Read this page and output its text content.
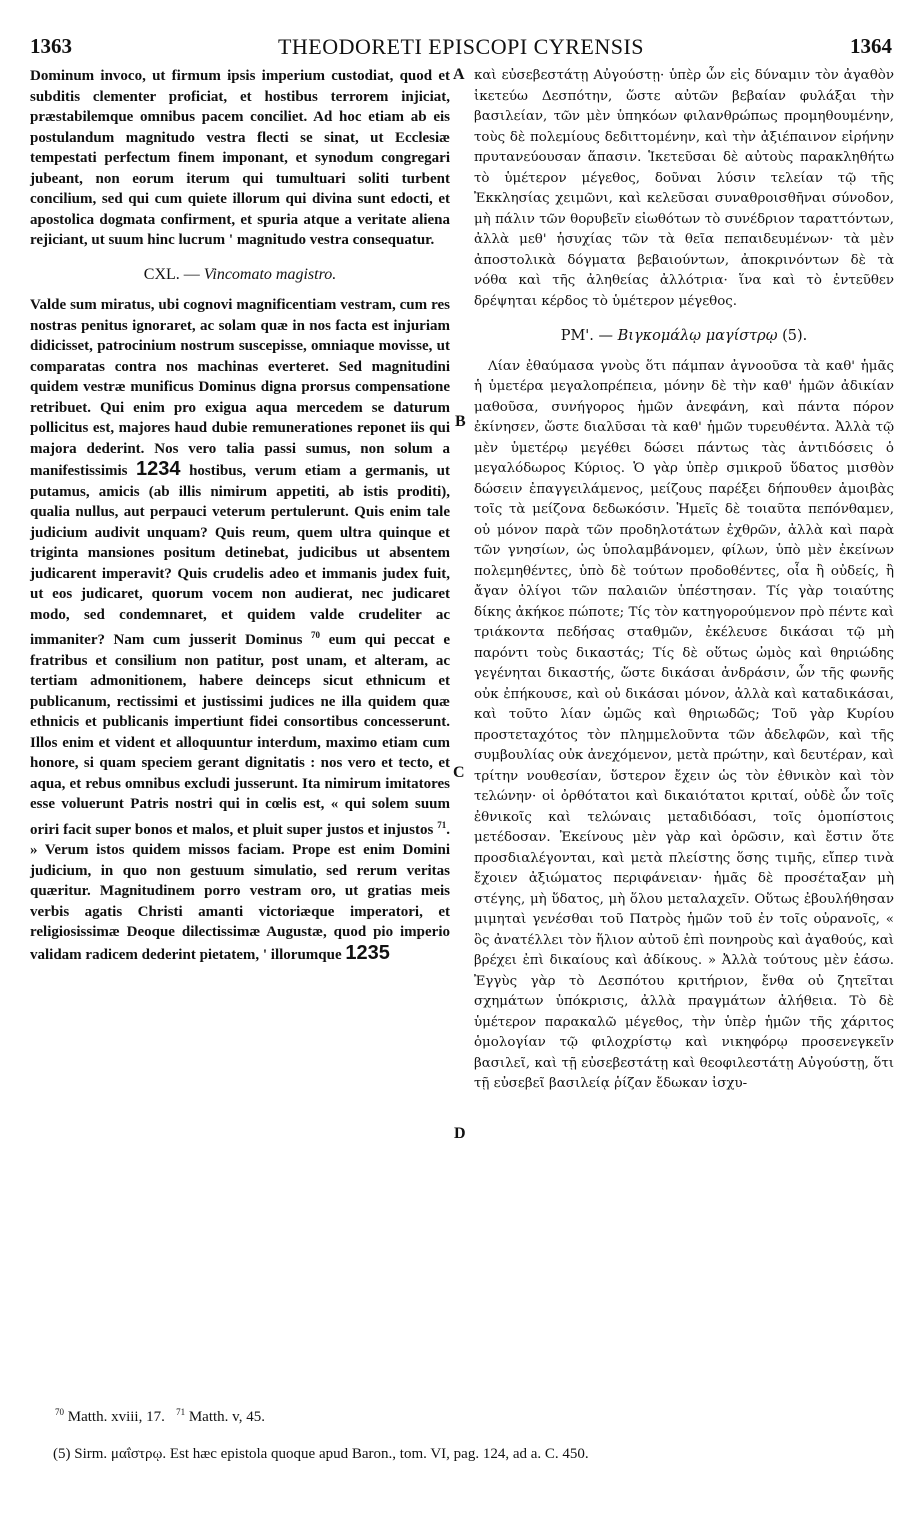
1363	THEODORETI EPISCOPI CYRENSIS	1364

Dominum invoco, ut firmum ipsis imperium custodiat, quod et subditis clementer proficiat, et hostibus terrorem injiciat, præstabilemque omnibus pacem conciliet. Ad hoc etiam ab eis postulandum magnitudo vestra flecti se sinat, ut Ecclesiæ tempestati perfectum finem imponant, et synodum congregari jubeant, non eorum iterum qui tumultuari soliti turbent concilium, sed qui cum quiete illorum qui divina sunt edocti, et apostolica dogmata confirment, et spuria atque a veritate aliena rejiciant, ut suum hinc lucrum ' magnitudo vestra consequatur.

CXL. — Vincomato magistro.

Valde sum miratus, ubi cognovi magnificentiam vestram, cum res nostras penitus ignoraret, ac solam quæ in nos facta est injuriam didicisset, patrocinium nostrum suscepisse, omniaque movisse, ut comparatas contra nos machinas everteret. Sed magnitudini quidem vestræ munificus Dominus digna prorsus compensatione retribuet. Qui enim pro exigua aqua mercedem se daturum pollicitus est, majores haud dubie remunerationes reponet iis qui majora dederint. Nos vero talia passi sumus, non solum a manifestissimis 1234 hostibus, verum etiam a germanis, ut putamus, amicis (ab illis nimirum appetiti, ab istis proditi), qualia nullus, aut perpauci veterum pertulerunt. Quis enim tale judicium audivit unquam? Quis reum, quem ultra quinque et triginta mansiones positum detinebat, judicibus ut absentem judicarent imperavit? Quis crudelis adeo et immanis judex fuit, ut eos judicaret, quorum vocem non audierat, nec judicaret modo, sed condemnaret, et quidem valde crudeliter ac immaniter? Nam cum jusserit Dominus $^{70}$ eum qui peccat e fratribus et consilium non patitur, post unam, et alteram, ac tertiam admonitionem, habere deinceps sicut ethnicum et publicanum, rectissimi et justissimi judices ne illa quidem quæ ethnicis et publicanis impertiunt fidei consortibus concesserunt. Illos enim et vident et alloquuntur interdum, maximo etiam cum honore, si quam speciem gerant dignitatis : nos vero et tecto, et aqua, et rebus omnibus excludi jusserunt. Ita nimirum imitatores esse voluerunt Patris nostri qui in cœlis est, « qui solem suum oriri facit super bonos et malos, et pluit super justos et injustos $^{71}$. » Verum istos quidem missos faciam. Prope est enim Domini judicium, in quo non gestuum simulatio, sed rerum veritas quæritur. Magnitudinem porro vestram oro, ut gratias meis verbis agatis Christi amanti victoriæque imperatori, et religiosissimæ Deoque dilectissimæ Augustæ, quod pio imperio validam radicem dederint pietatem, ' illorumque 1235

A
B
C
D

καὶ εὐσεβεστάτῃ Αὐγούστῃ· ὑπὲρ ὧν εἰς δύναμιν τὸν ἀγαθὸν ἱκετεύω Δεσπότην, ὥστε αὐτῶν βεβαίαν φυλάξαι τὴν βασιλείαν, τῶν μὲν ὑπηκόων φιλανθρώπως προμηθουμένην, τοὺς δὲ πολεμίους δεδιττομένην, καὶ τὴν ἀξιέπαινον εἰρήνην πρυτανεύουσαν ἅπασιν. Ἱκετεῦσαι δὲ αὐτοὺς παρακληθήτω τὸ ὑμέτερον μέγεθος, δοῦναι λύσιν τελείαν τῷ τῆς Ἐκκλησίας χειμῶνι, καὶ κελεῦσαι συναθροισθῆναι σύνοδον, μὴ πάλιν τῶν θορυβεῖν εἰωθότων τὸ συνέδριον ταραττόντων, ἀλλὰ μεθ' ἡσυχίας τῶν τὰ θεῖα πεπαιδευμένων· τὰ μὲν ἀποστολικὰ δόγματα βεβαιούντων, ἀποκρινόντων δὲ τὰ νόθα καὶ τῆς ἀληθείας ἀλλότρια· ἵνα καὶ τὸ ἐντεῦθεν δρέψηται κέρδος τὸ ὑμέτερον μέγεθος.

ΡΜ'. — Βιγκομάλῳ μαγίστρῳ (5).

Λίαν ἐθαύμασα γνοὺς ὅτι πάμπαν ἀγνοοῦσα τὰ καθ' ἡμᾶς ἡ ὑμετέρα μεγαλοπρέπεια, μόνην δὲ τὴν καθ' ἡμῶν ἀδικίαν μαθοῦσα, συνήγορος ἡμῶν ἀνεφάνη, καὶ πάντα πόρον ἐκίνησεν, ὥστε διαλῦσαι τὰ καθ' ἡμῶν τυρευθέντα. Ἀλλὰ τῷ μὲν ὑμετέρῳ μεγέθει δώσει πάντως τὰς ἀντιδόσεις ὁ μεγαλόδωρος Κύριος. Ὁ γὰρ ὑπὲρ σμικροῦ ὕδατος μισθὸν δώσειν ἐπαγγειλάμενος, μείζους παρέξει δήπουθεν ἀμοιβὰς τοῖς τὰ μείζονα δεδωκόσιν. Ἡμεῖς δὲ τοιαῦτα πεπόνθαμεν, οὐ μόνον παρὰ τῶν προδηλοτάτων ἐχθρῶν, ἀλλὰ καὶ παρὰ τῶν γνησίων, ὡς ὑπολαμβάνομεν, φίλων, ὑπὸ μὲν ἐκείνων πολεμηθέντες, ὑπὸ δὲ τούτων προδοθέντες, οἷα ἢ οὐδείς, ἢ ἄγαν ὀλίγοι τῶν παλαιῶν ὑπέστησαν. Τίς γὰρ τοιαύτης δίκης ἀκήκοε πώποτε; Τίς τὸν κατηγορούμενον πρὸ πέντε καὶ τριάκοντα πεδήσας σταθμῶν, ἐκέλευσε δικάσαι τῷ μὴ παρόντι τοὺς δικαστάς; Τίς δὲ οὕτως ὠμὸς καὶ θηριώδης γεγένηται δικαστής, ὥστε δικάσαι ἀνδράσιν, ὧν τῆς φωνῆς οὐκ ἐπήκουσε, καὶ οὐ δικάσαι μόνον, ἀλλὰ καὶ καταδικάσαι, καὶ τοῦτο λίαν ὠμῶς καὶ θηριωδῶς; Τοῦ γὰρ Κυρίου προστεταχότος τὸν πλημμελοῦντα τῶν ἀδελφῶν, καὶ τῆς συμβουλίας οὐκ ἀνεχόμενον, μετὰ πρώτην, καὶ δευτέραν, καὶ τρίτην νουθεσίαν, ὕστερον ἔχειν ὡς τὸν ἐθνικὸν καὶ τὸν τελώνην· οἱ ὀρθότατοι καὶ δικαιότατοι κριταί, οὐδὲ ὧν τοῖς ἐθνικοῖς καὶ τελώναις μεταδιδόασι, τοῖς ὁμοπίστοις μετέδοσαν. Ἐκείνους μὲν γὰρ καὶ ὁρῶσιν, καὶ ἔστιν ὅτε προσδιαλέγονται, καὶ μετὰ πλείστης ὅσης τιμῆς, εἴπερ τινὰ ἔχοιεν ἀξιώματος περιφάνειαν· ἡμᾶς δὲ προσέταξαν μὴ στέγης, μὴ ὕδατος, μὴ ὅλου μεταλαχεῖν. Οὕτως ἐβουλήθησαν μιμηταὶ γενέσθαι τοῦ Πατρὸς ἡμῶν τοῦ ἐν τοῖς οὐρανοῖς, « ὃς ἀνατέλλει τὸν ἥλιον αὐτοῦ ἐπὶ πονηροὺς καὶ ἀγαθούς, καὶ βρέχει ἐπὶ δικαίους καὶ ἀδίκους. » Ἀλλὰ τούτους μὲν ἐάσω. Ἐγγὺς γὰρ τὸ Δεσπότου κριτήριον, ἔνθα οὐ ζητεῖται σχημάτων ὑπόκρισις, ἀλλὰ πραγμάτων ἀλήθεια. Τὸ δὲ ὑμέτερον παρακαλῶ μέγεθος, τὴν ὑπὲρ ἡμῶν τῆς χάριτος ὁμολογίαν τῷ φιλοχρίστῳ καὶ νικηφόρῳ προσενεγκεῖν βασιλεῖ, καὶ τῇ εὐσεβεστάτῃ καὶ θεοφιλεστάτῃ Αὐγούστῃ, ὅτι τῇ εὐσεβεῖ βασιλείᾳ ῥίζαν ἔδωκαν ἰσχυ-

$^{70}$ Matth. xviii, 17. $^{71}$ Matth. v, 45.
(5) Sirm. μαΐστρῳ. Est hæc epistola quoque apud Baron., tom. VI, pag. 124, ad a. C. 450.
